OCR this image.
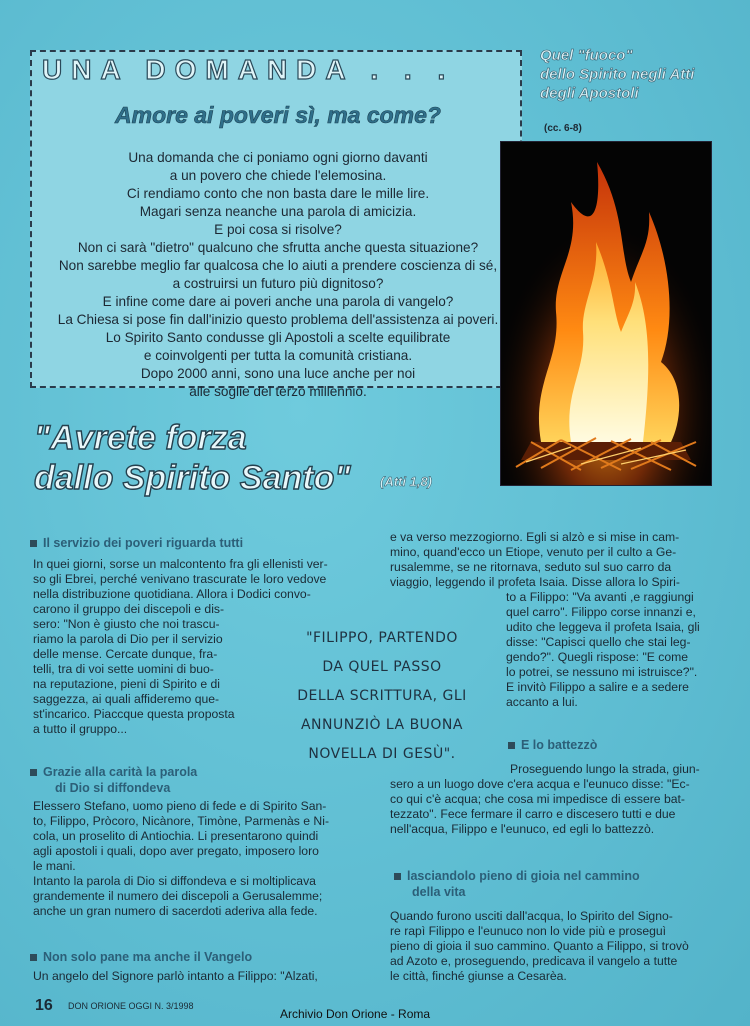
UNA DOMANDA . . .
Amore ai poveri sì, ma come?
Una domanda che ci poniamo ogni giorno davanti
a un povero che chiede l'elemosina.
Ci rendiamo conto che non basta dare le mille lire.
Magari senza neanche una parola di amicizia.
E poi cosa si risolve?
Non ci sarà "dietro" qualcuno che sfrutta anche questa situazione?
Non sarebbe meglio far qualcosa che lo aiuti a prendere coscienza di sé,
a costruirsi un futuro più dignitoso?
E infine come dare ai poveri anche una parola di vangelo?
La Chiesa si pose fin dall'inizio questo problema dell'assistenza ai poveri.
Lo Spirito Santo condusse gli Apostoli a scelte equilibrate
e coinvolgenti per tutta la comunità cristiana.
Dopo 2000 anni, sono una luce anche per noi
alle soglie del terzo millennio.
Quel "fuoco"
dello Spirito negli Atti
degli Apostoli
(cc. 6-8)
"Avrete forza
dallo Spirito Santo"	(Atti 1,8)
Il servizio dei poveri riguarda tutti
In quei giorni, sorse un malcontento fra gli ellenisti ver-
so gli Ebrei, perché venivano trascurate le loro vedove
nella distribuzione quotidiana. Allora i Dodici convo-
carono il gruppo dei discepoli e dis-
sero: "Non è giusto che noi trascu-
riamo la parola di Dio per il servizio
delle mense. Cercate dunque, fra-
telli, tra di voi sette uomini di buo-
na reputazione, pieni di Spirito e di
saggezza, ai quali affideremo que-
st'incarico. Piaccque questa proposta
a tutto il gruppo...
"FILIPPO, PARTENDO
DA QUEL PASSO
DELLA SCRITTURA, GLI
ANNUNZIÒ LA BUONA
NOVELLA DI GESÙ".
Grazie alla carità la parola
di Dio si diffondeva
Elessero Stefano, uomo pieno di fede e di Spirito San-
to, Filippo, Pròcoro, Nicànore, Timòne, Parmenàs e Ni-
cola, un proselito di Antiochia. Li presentarono quindi
agli apostoli i quali, dopo aver pregato, imposero loro
le mani.
Intanto la parola di Dio si diffondeva e si moltiplicava
grandemente il numero dei discepoli a Gerusalemme;
anche un gran numero di sacerdoti aderiva alla fede.
Non solo pane ma anche il Vangelo
Un angelo del Signore parlò intanto a Filippo: "Alzati,
e va verso mezzogiorno. Egli si alzò e si mise in cam-
mino, quand'ecco un Etiope, venuto per il culto a Ge-
rusalemme, se ne ritornava, seduto sul suo carro da
viaggio, leggendo il profeta Isaia. Disse allora lo Spiri-
to a Filippo: "Va avanti ,e raggiungi
quel carro". Filippo corse innanzi e,
udito che leggeva il profeta Isaia, gli
disse: "Capisci quello che stai leg-
gendo?". Quegli rispose: "E come
lo potrei, se nessuno mi istruisce?".
E invitò Filippo a salire e a sedere
accanto a lui.
E lo battezzò
Proseguendo lungo la strada, giun-
sero a un luogo dove c'era acqua e l'eunuco disse: "Ec-
co qui c'è acqua; che cosa mi impedisce di essere bat-
tezzato". Fece fermare il carro e discesero tutti e due
nell'acqua, Filippo e l'eunuco, ed egli lo battezzò.
lasciandolo pieno di gioia nel cammino
della vita
Quando furono usciti dall'acqua, lo Spirito del Signo-
re rapì Filippo e l'eunuco non lo vide più e proseguì
pieno di gioia il suo cammino. Quanto a Filippo, si trovò
ad Azoto e, proseguendo, predicava il vangelo a tutte
le città, finché giunse a Cesarèa.
16 DON ORIONE OGGI N. 3/1998
Archivio Don Orione - Roma
